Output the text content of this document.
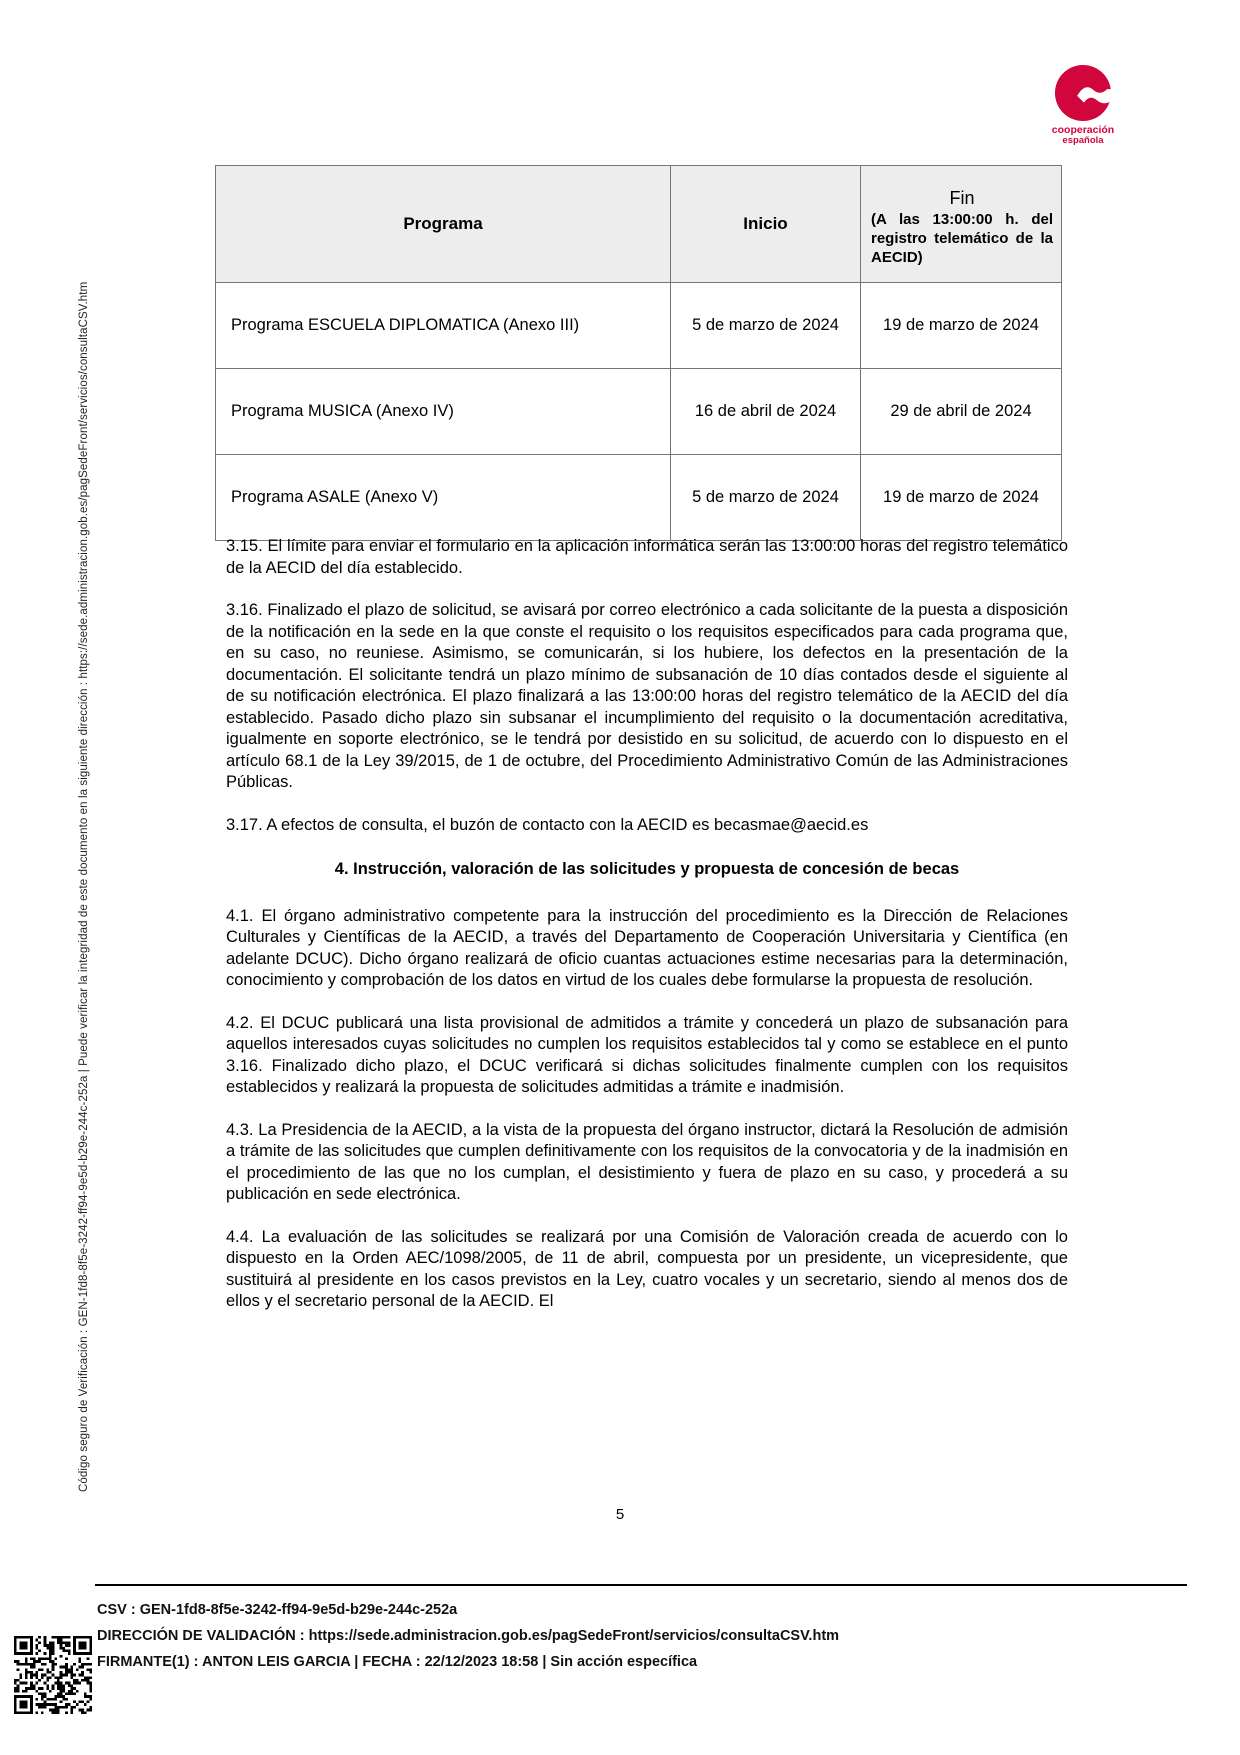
Código seguro de Verificación : GEN-1fd8-8f5e-3242-ff94-9e5d-b29e-244c-252a | Puede verificar la integridad de este documento en la siguiente dirección : https://sede.administracion.gob.es/pagSedeFront/servicios/consultaCSV.htm
cooperación
española
Programa	Inicio	Fin
(A las 13:00:00 h. del registro telemático de la AECID)

Programa ESCUELA DIPLOMATICA (Anexo III)	5 de marzo de 2024	19 de marzo de 2024
Programa MUSICA (Anexo IV)	16 de abril de 2024	29 de abril de 2024
Programa ASALE (Anexo V)	5 de marzo de 2024	19 de marzo de 2024

3.15. El límite para enviar el formulario en la aplicación informática serán las 13:00:00 horas del registro telemático de la AECID del día establecido.

3.16. Finalizado el plazo de solicitud, se avisará por correo electrónico a cada solicitante de la puesta a disposición de la notificación en la sede en la que conste el requisito o los requisitos especificados para cada programa que, en su caso, no reuniese. Asimismo, se comunicarán, si los hubiere, los defectos en la presentación de la documentación. El solicitante tendrá un plazo mínimo de subsanación de 10 días contados desde el siguiente al de su notificación electrónica. El plazo finalizará a las 13:00:00 horas del registro telemático de la AECID del día establecido. Pasado dicho plazo sin subsanar el incumplimiento del requisito o la documentación acreditativa, igualmente en soporte electrónico, se le tendrá por desistido en su solicitud, de acuerdo con lo dispuesto en el artículo 68.1 de la Ley 39/2015, de 1 de octubre, del Procedimiento Administrativo Común de las Administraciones Públicas.

3.17. A efectos de consulta, el buzón de contacto con la AECID es becasmae@aecid.es

4. Instrucción, valoración de las solicitudes y propuesta de concesión de becas

4.1. El órgano administrativo competente para la instrucción del procedimiento es la Dirección de Relaciones Culturales y Científicas de la AECID, a través del Departamento de Cooperación Universitaria y Científica (en adelante DCUC). Dicho órgano realizará de oficio cuantas actuaciones estime necesarias para la determinación, conocimiento y comprobación de los datos en virtud de los cuales debe formularse la propuesta de resolución.

4.2. El DCUC publicará una lista provisional de admitidos a trámite y concederá un plazo de subsanación para aquellos interesados cuyas solicitudes no cumplen los requisitos establecidos tal y como se establece en el punto 3.16. Finalizado dicho plazo, el DCUC verificará si dichas solicitudes finalmente cumplen con los requisitos establecidos y realizará la propuesta de solicitudes admitidas a trámite e inadmisión.

4.3. La Presidencia de la AECID, a la vista de la propuesta del órgano instructor, dictará la Resolución de admisión a trámite de las solicitudes que cumplen definitivamente con los requisitos de la convocatoria y de la inadmisión en el procedimiento de las que no los cumplan, el desistimiento y fuera de plazo en su caso, y procederá a su publicación en sede electrónica.

4.4. La evaluación de las solicitudes se realizará por una Comisión de Valoración creada de acuerdo con lo dispuesto en la Orden AEC/1098/2005, de 11 de abril, compuesta por un presidente, un vicepresidente, que sustituirá al presidente en los casos previstos en la Ley, cuatro vocales y un secretario, siendo al menos dos de ellos y el secretario personal de la AECID. El

5
CSV : GEN-1fd8-8f5e-3242-ff94-9e5d-b29e-244c-252a
DIRECCIÓN DE VALIDACIÓN : https://sede.administracion.gob.es/pagSedeFront/servicios/consultaCSV.htm
FIRMANTE(1) : ANTON LEIS GARCIA | FECHA : 22/12/2023 18:58 | Sin acción específica
